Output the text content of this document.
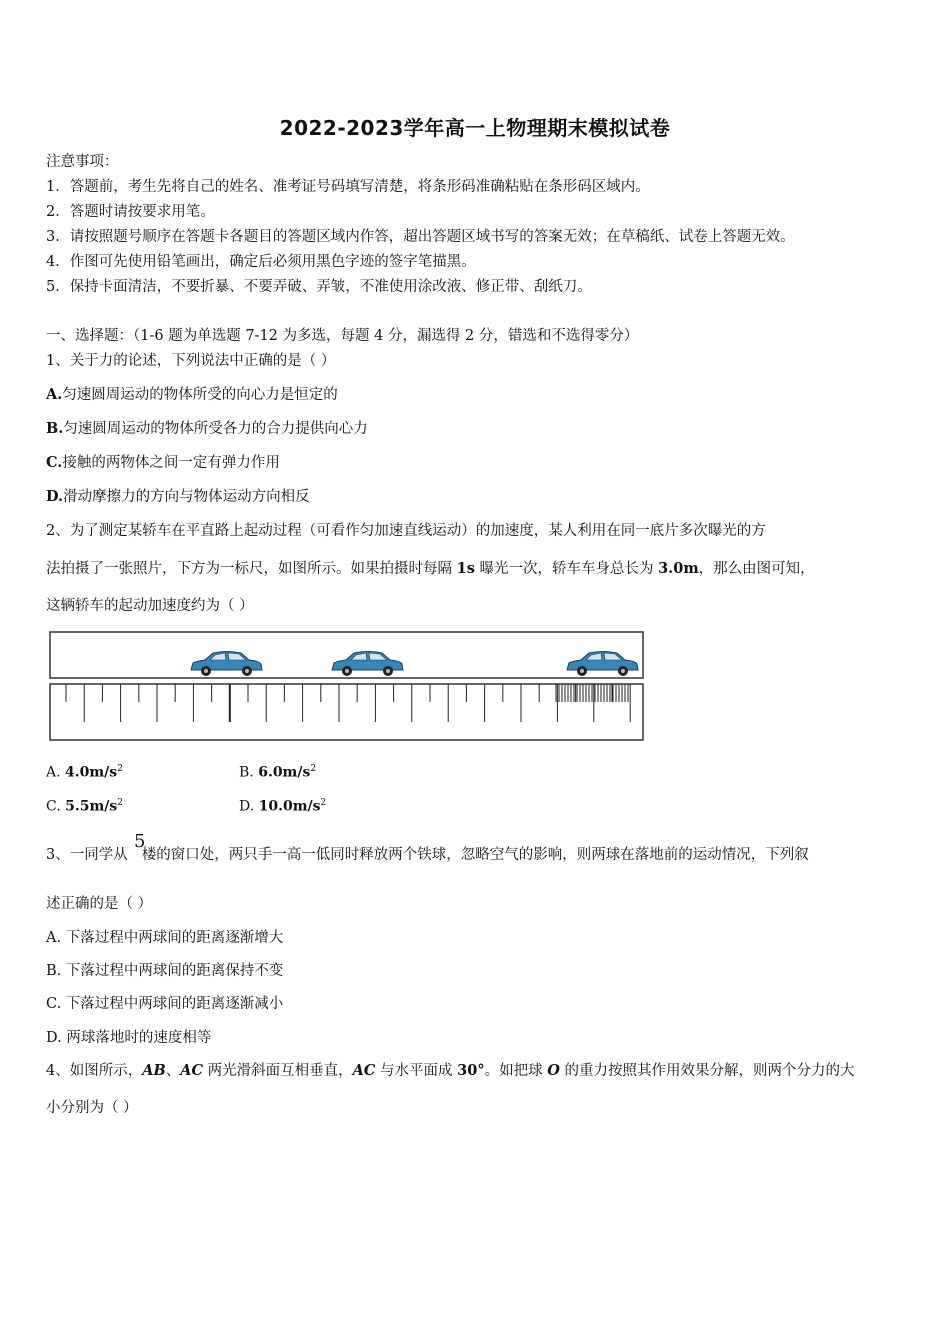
2022-2023学年高一上物理期末模拟试卷
注意事项：
1．答题前，考生先将自己的姓名、准考证号码填写清楚，将条形码准确粘贴在条形码区域内。
2．答题时请按要求用笔。
3．请按照题号顺序在答题卡各题目的答题区域内作答，超出答题区域书写的答案无效；在草稿纸、试卷上答题无效。
4．作图可先使用铅笔画出，确定后必须用黑色字迹的签字笔描黑。
5．保持卡面清洁，不要折暴、不要弄破、弄皱，不准使用涂改液、修正带、刮纸刀。
一、选择题：（1-6 题为单选题 7-12 为多选，每题 4 分，漏选得 2 分，错选和不选得零分）
1、关于力的论述，下列说法中正确的是（ ）
A.匀速圆周运动的物体所受的向心力是恒定的
B.匀速圆周运动的物体所受各力的合力提供向心力
C.接触的两物体之间一定有弹力作用
D.滑动摩擦力的方向与物体运动方向相反
2、为了测定某轿车在平直路上起动过程（可看作匀加速直线运动）的加速度，某人利用在同一底片多次曝光的方
法拍摄了一张照片，下方为一标尺，如图所示。如果拍摄时每隔 1s 曝光一次，轿车车身总长为 3.0m，那么由图可知，
这辆轿车的起动加速度约为（ ）
A. $4.0m/s^2$	B. $6.0m/s^2$
C. $5.5m/s^2$	D. $10.0m/s^2$
5
3、一同学从 楼的窗口处，两只手一高一低同时释放两个铁球，忽略空气的影响，则两球在落地前的运动情况，下列叙
述正确的是（ ）
A. 下落过程中两球间的距离逐渐增大
B. 下落过程中两球间的距离保持不变
C. 下落过程中两球间的距离逐渐减小
D. 两球落地时的速度相等
4、如图所示，AB、AC 两光滑斜面互相垂直，AC 与水平面成 30°。如把球 O 的重力按照其作用效果分解，则两个分力的大
小分别为（ ）
